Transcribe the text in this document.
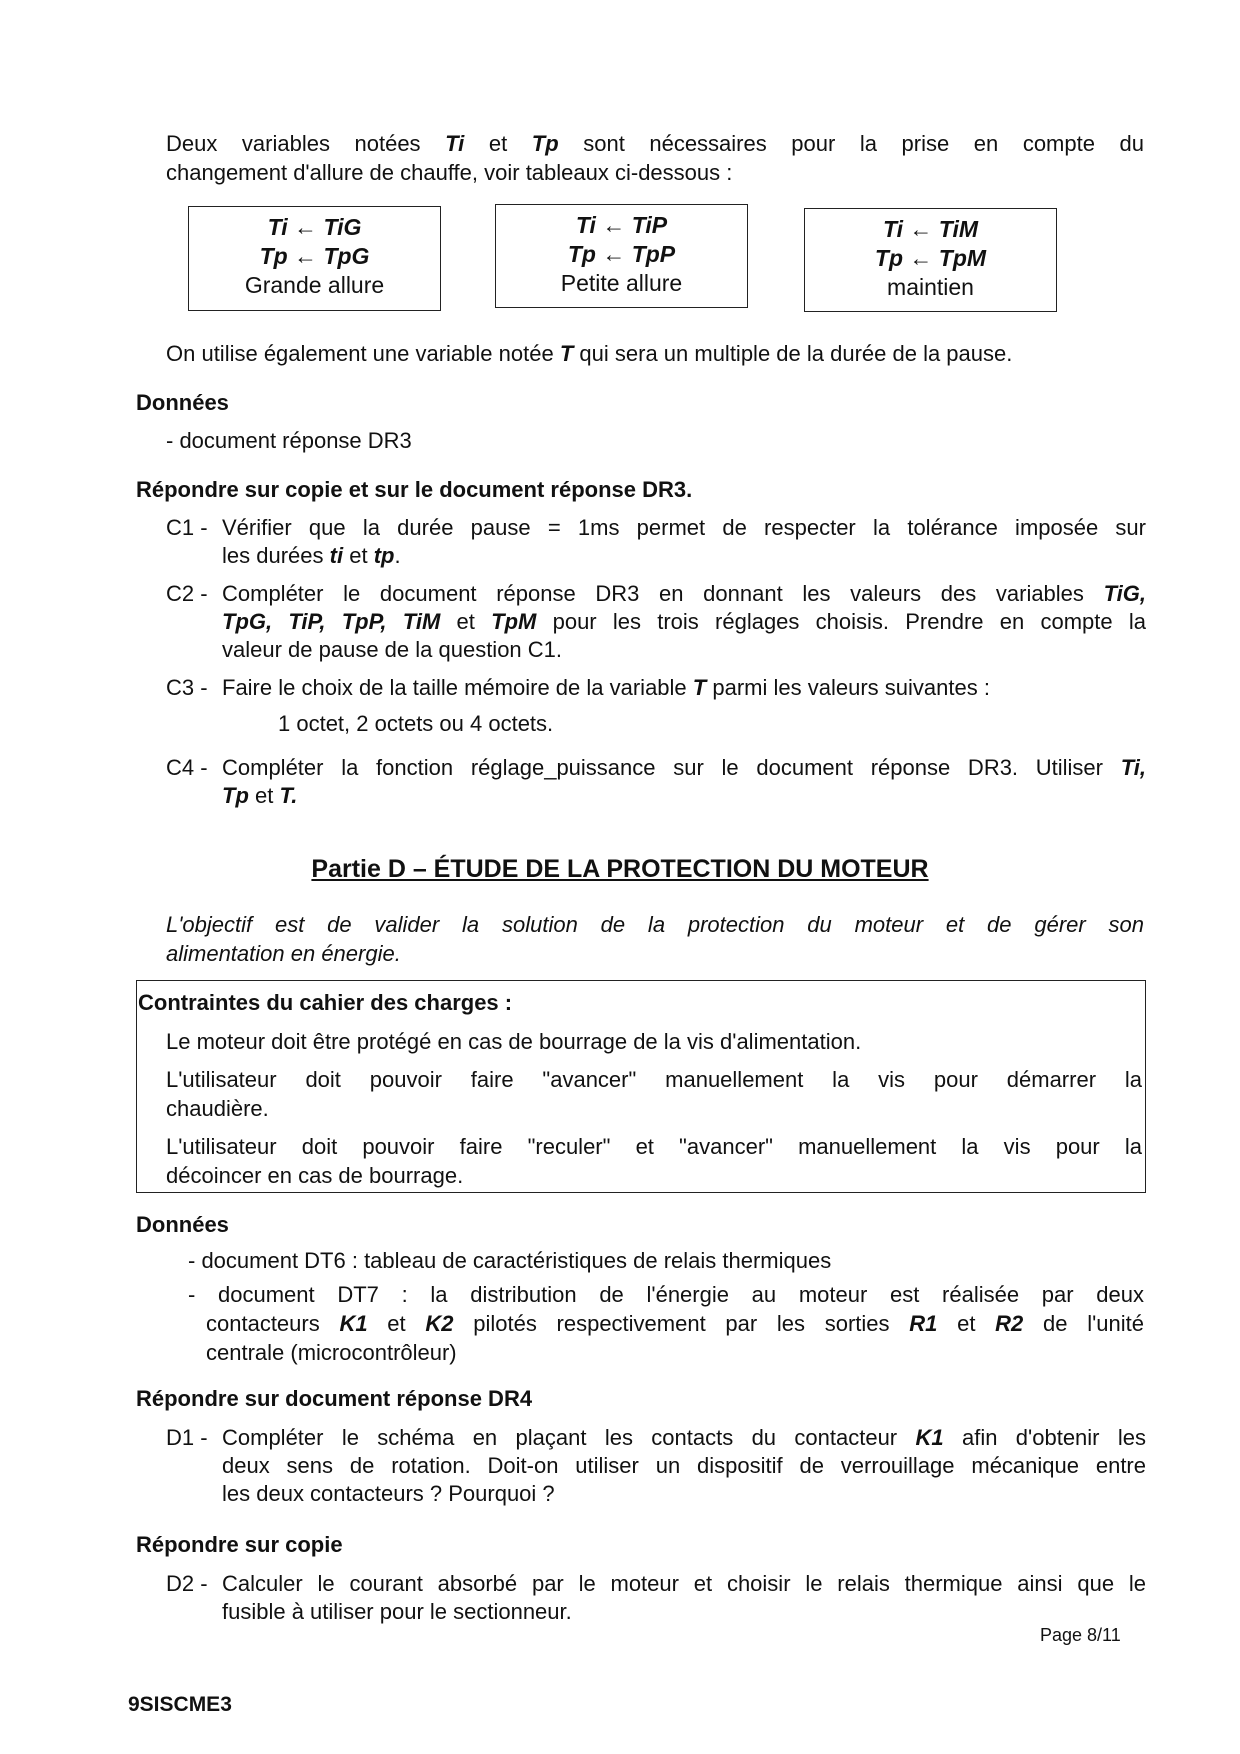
Deux variables notées Ti et Tp sont nécessaires pour la prise en compte du

changement d'allure de chauffe, voir tableaux ci-dessous :

Ti ← TiG
Tp ← TpG
Grande allure
Ti ← TiP
Tp ← TpP
Petite allure
Ti ← TiM
Tp ← TpM
maintien

On utilise également une variable notée T qui sera un multiple de la durée de la pause.

Données

- document réponse DR3

Répondre sur copie et sur le document réponse DR3.
C1 - Vérifier que la durée pause = 1ms permet de respecter la tolérance imposée sur
les durées ti et tp.
C2 - Compléter le document réponse DR3 en donnant les valeurs des variables TiG,
TpG, TiP, TpP, TiM et TpM pour les trois réglages choisis. Prendre en compte la
valeur de pause de la question C1.
C3 - Faire le choix de la taille mémoire de la variable T parmi les valeurs suivantes :

1 octet, 2 octets ou 4 octets.

C4 - Compléter la fonction réglage_puissance sur le document réponse DR3. Utiliser Ti,
Tp et T.
Partie D – ÉTUDE DE LA PROTECTION DU MOTEUR

L'objectif est de valider la solution de la protection du moteur et de gérer son

alimentation en énergie.

Contraintes du cahier des charges :

Le moteur doit être protégé en cas de bourrage de la vis d'alimentation.

L'utilisateur doit pouvoir faire "avancer" manuellement la vis pour démarrer la

chaudière.

L'utilisateur doit pouvoir faire "reculer" et "avancer" manuellement la vis pour la

décoincer en cas de bourrage.

Données

- document DT6 : tableau de caractéristiques de relais thermiques

- document DT7 : la distribution de l'énergie au moteur est réalisée par deux

contacteurs K1 et K2 pilotés respectivement par les sorties R1 et R2 de l'unité

centrale (microcontrôleur)

Répondre sur document réponse DR4
D1 - Compléter le schéma en plaçant les contacts du contacteur K1 afin d'obtenir les
deux sens de rotation. Doit-on utiliser un dispositif de verrouillage mécanique entre
les deux contacteurs ? Pourquoi ?
Répondre sur copie
D2 - Calculer le courant absorbé par le moteur et choisir le relais thermique ainsi que le
fusible à utiliser pour le sectionneur.
Page 8/11
9SISCME3
